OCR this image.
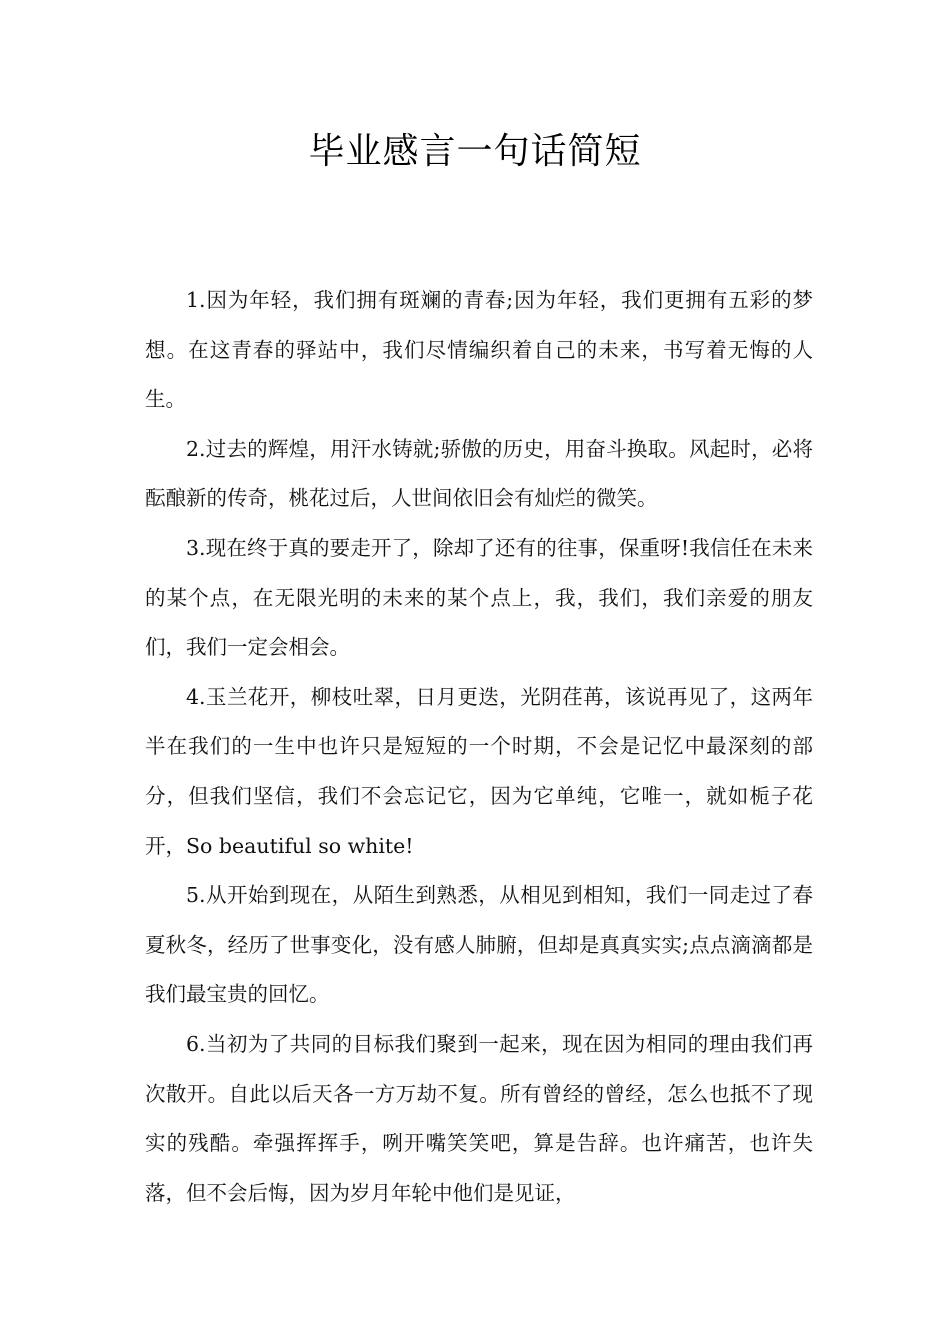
毕业感言一句话简短

1.因为年轻，我们拥有斑斓的青春;因为年轻，我们更拥有五彩的梦想。在这青春的驿站中，我们尽情编织着自己的未来，书写着无悔的人生。

2.过去的辉煌，用汗水铸就;骄傲的历史，用奋斗换取。风起时，必将酝酿新的传奇，桃花过后，人世间依旧会有灿烂的微笑。

3.现在终于真的要走开了，除却了还有的往事，保重呀!我信任在未来的某个点，在无限光明的未来的某个点上，我，我们，我们亲爱的朋友们，我们一定会相会。

4.玉兰花开，柳枝吐翠，日月更迭，光阴荏苒，该说再见了，这两年半在我们的一生中也许只是短短的一个时期，不会是记忆中最深刻的部分，但我们坚信，我们不会忘记它，因为它单纯，它唯一，就如栀子花开，So beautiful so white!

5.从开始到现在，从陌生到熟悉，从相见到相知，我们一同走过了春夏秋冬，经历了世事变化，没有感人肺腑，但却是真真实实;点点滴滴都是我们最宝贵的回忆。

6.当初为了共同的目标我们聚到一起来，现在因为相同的理由我们再次散开。自此以后天各一方万劫不复。所有曾经的曾经，怎么也抵不了现实的残酷。牵强挥挥手，咧开嘴笑笑吧，算是告辞。也许痛苦，也许失落，但不会后悔，因为岁月年轮中他们是见证，
